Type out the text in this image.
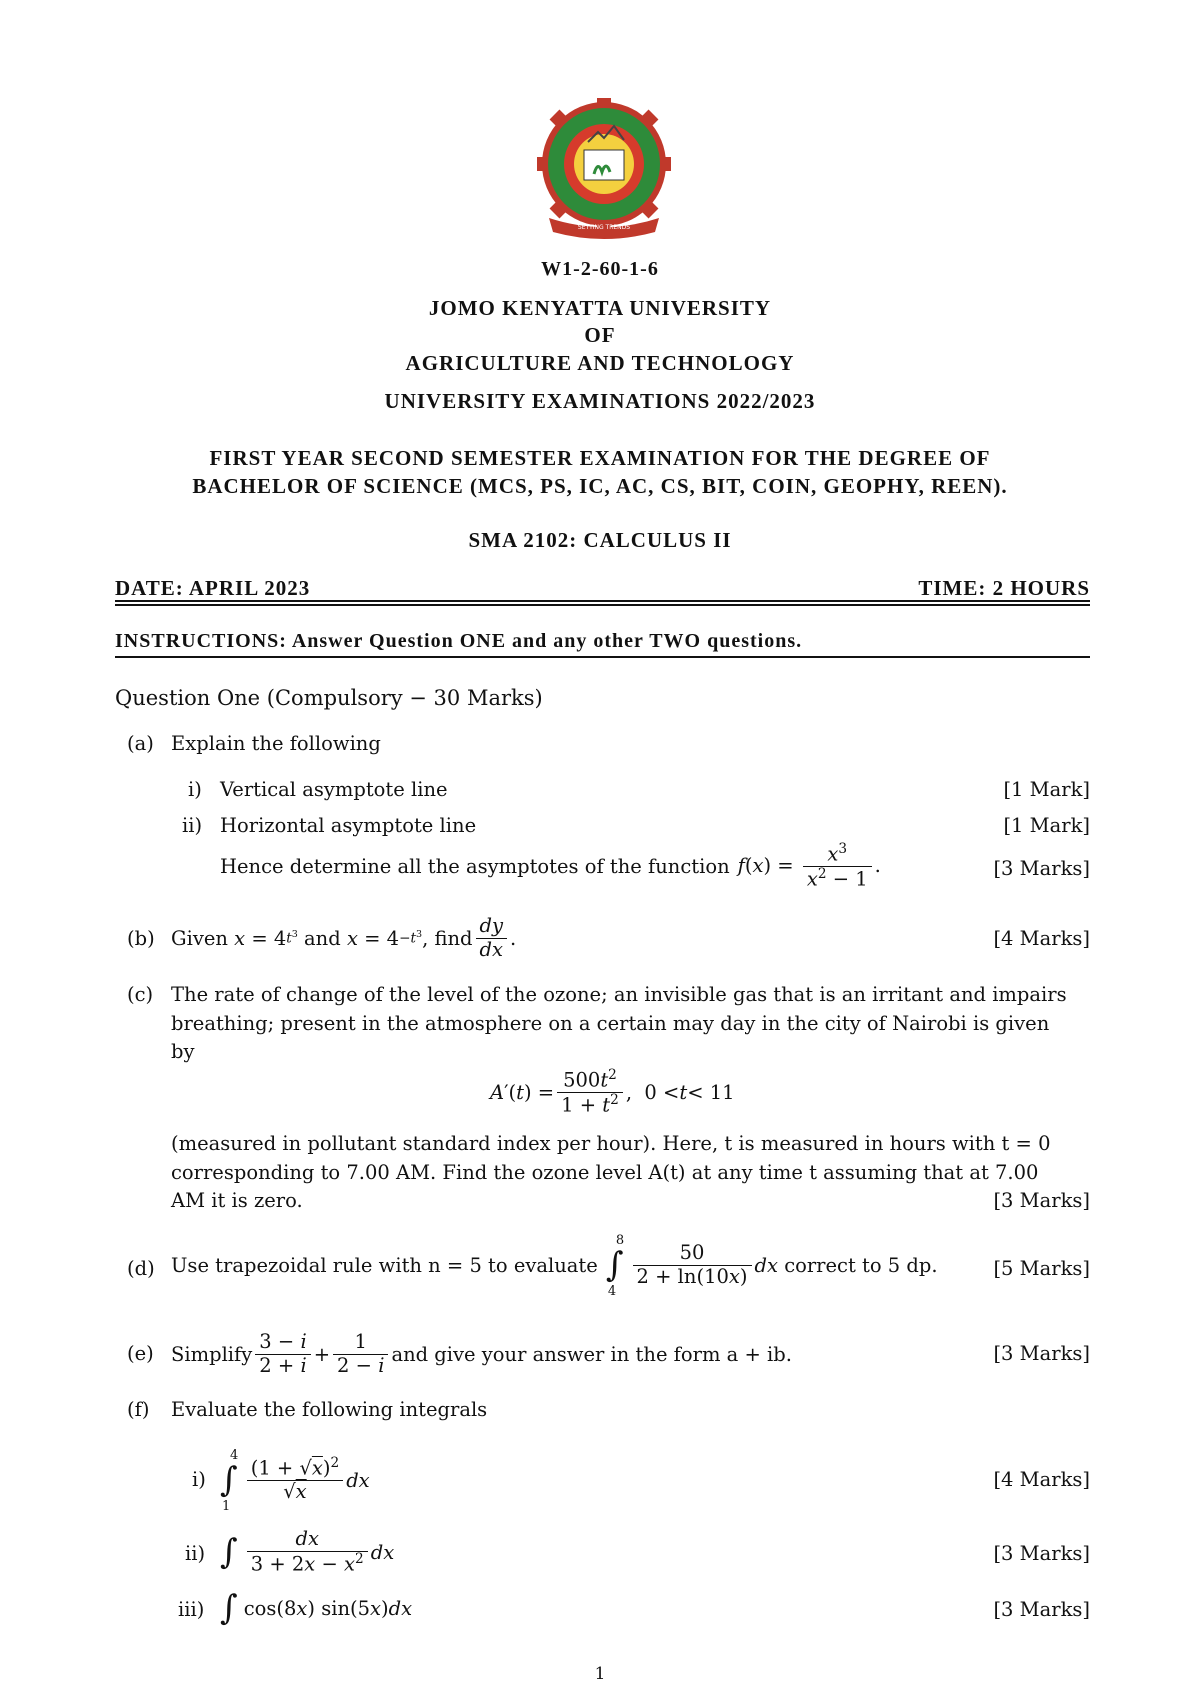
SETTING TRENDS
W1-2-60-1-6
JOMO KENYATTA UNIVERSITY
OF
AGRICULTURE AND TECHNOLOGY
UNIVERSITY EXAMINATIONS 2022/2023
FIRST YEAR SECOND SEMESTER EXAMINATION FOR THE DEGREE OF
BACHELOR OF SCIENCE (MCS, PS, IC, AC, CS, BIT, COIN, GEOPHY, REEN).
SMA 2102: CALCULUS II
DATE: APRIL 2023	TIME: 2 HOURS
INSTRUCTIONS: Answer Question ONE and any other TWO questions.
Question One (Compulsory − 30 Marks)
(a) Explain the following
i) Vertical asymptote line	[1 Mark]
ii) Horizontal asymptote line	[1 Mark]
Hence determine all the asymptotes of the function $f(x) = \frac{x^3}{x^2 - 1}$ .	[3 Marks]
(b) Given x = 4 $t^3$ and $x = 4 -t^3$ , find $\frac{dy}{dx}$ .	[4 Marks]
(c) The rate of change of the level of the ozone; an invisible gas that is an irritant and impairs
breathing; present in the atmosphere on a certain may day in the city of Nairobi is given
by
A ′( t ) = $\frac{500t^2}{1 + t^2}$ ,  0 < t < 11
(measured in pollutant standard index per hour). Here, t is measured in hours with t = 0
corresponding to 7.00 AM. Find the ozone level A(t) at any time t assuming that at 7.00
AM it is zero.	[3 Marks]
(d) Use trapezoidal rule with n = 5 to evaluate ∫
8
4
$\frac{50}{2 + \ln(10x)}$ dx
correct to 5 dp.	[5 Marks]
(e) Simplify $\frac{3 - i}{2 + i} + \frac{1}{2 - i}$ and give your answer in the form a + ib.	[3 Marks]
(f) Evaluate the following integrals
i) ∫
4
1
$\frac{(1 + √x)^2}{√x}$ dx	[4 Marks]
ii) ∫ $\frac{dx}{3 + 2x - x^2}$ dx	[3 Marks]
iii) ∫ cos(8 x ) sin(5 x ) dx	[3 Marks]
1
